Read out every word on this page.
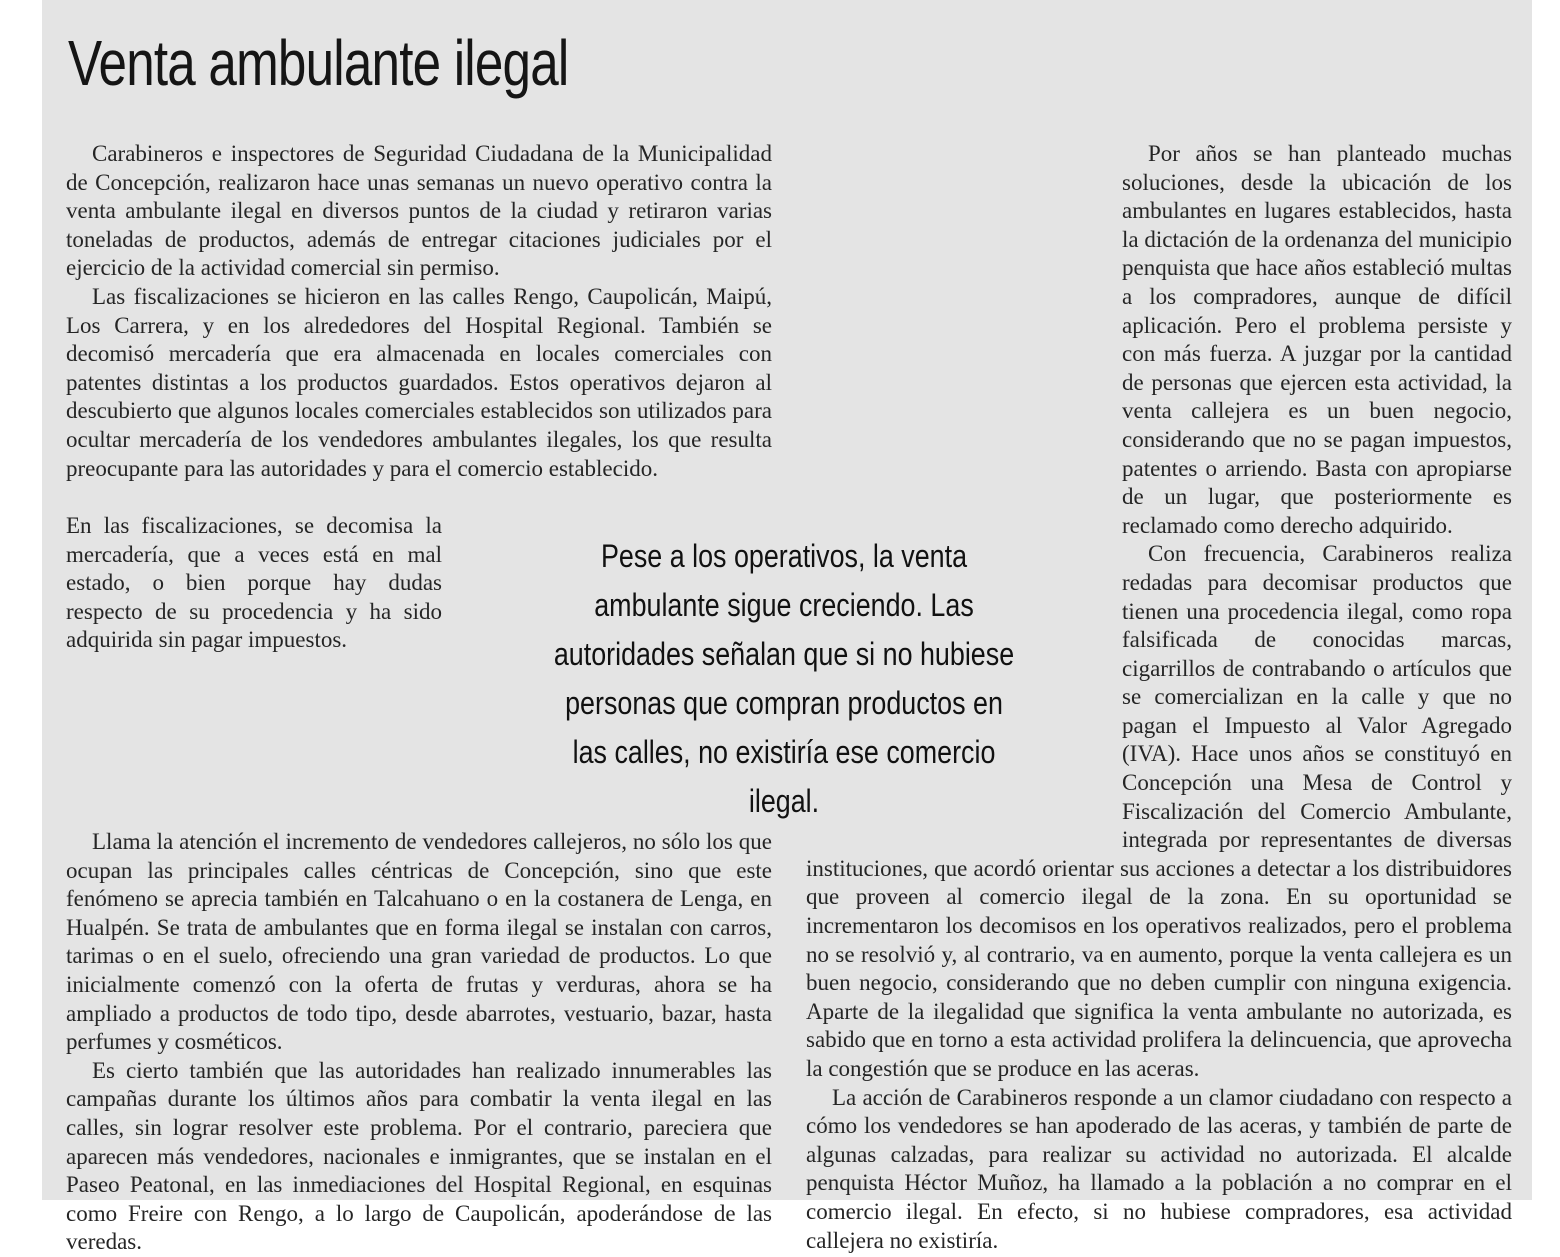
Venta ambulante ilegal

Carabineros e inspectores de Seguridad Ciudadana de la Municipalidad de Concepción, realizaron hace unas semanas un nuevo operativo contra la venta ambulante ilegal en diversos puntos de la ciudad y retiraron varias toneladas de productos, además de entregar citaciones judiciales por el ejercicio de la actividad comercial sin permiso.

Las fiscalizaciones se hicieron en las calles Rengo, Caupolicán, Maipú, Los Carrera, y en los alrededores del Hospital Regional. También se decomisó mercadería que era almacenada en locales comerciales con patentes distintas a los productos guardados. Estos operativos dejaron al descubierto que algunos locales comerciales establecidos son utilizados para ocultar mercadería de los vendedores ambulantes ilegales, los que resulta preocupante para las autoridades y para el comercio establecido.

En las fiscalizaciones, se decomisa la mercadería, que a veces está en mal estado, o bien porque hay dudas respecto de su procedencia y ha sido adquirida sin pagar impuestos.

Llama la atención el incremento de vendedores callejeros, no sólo los que ocupan las principales calles céntricas de Concepción, sino que este fenómeno se aprecia también en Talcahuano o en la costanera de Lenga, en Hualpén. Se trata de ambulantes que en forma ilegal se instalan con carros, tarimas o en el suelo, ofreciendo una gran variedad de productos. Lo que inicialmente comenzó con la oferta de frutas y verduras, ahora se ha ampliado a productos de todo tipo, desde abarrotes, vestuario, bazar, hasta perfumes y cosméticos.

Es cierto también que las autoridades han realizado innumerables las campañas durante los últimos años para combatir la venta ilegal en las calles, sin lograr resolver este problema. Por el contrario, pareciera que aparecen más vendedores, nacionales e inmigrantes, que se instalan en el Paseo Peatonal, en las inmediaciones del Hospital Regional, en esquinas como Freire con Rengo, a lo largo de Caupolicán, apoderándose de las veredas.

Por años se han planteado muchas soluciones, desde la ubicación de los ambulantes en lugares establecidos, hasta la dictación de la ordenanza del municipio penquista que hace años estableció multas a los compradores, aunque de difícil aplicación. Pero el problema persiste y con más fuerza. A juzgar por la cantidad de personas que ejercen esta actividad, la venta callejera es un buen negocio, considerando que no se pagan impuestos, patentes o arriendo. Basta con apropiarse de un lugar, que posteriormente es reclamado como derecho adquirido.

Con frecuencia, Carabineros realiza redadas para decomisar productos que tienen una procedencia ilegal, como ropa falsificada de conocidas marcas, cigarrillos de contrabando o artículos que se comercializan en la calle y que no pagan el Impuesto al Valor Agregado (IVA). Hace unos años se constituyó en Concepción una Mesa de Control y Fiscalización del Comercio Ambulante, integrada por representantes de diversas instituciones, que acordó orientar sus acciones a detectar a los distribuidores que proveen al comercio ilegal de la zona. En su oportunidad se incrementaron los decomisos en los operativos realizados, pero el problema no se resolvió y, al contrario, va en aumento, porque la venta callejera es un buen negocio, considerando que no deben cumplir con ninguna exigencia. Aparte de la ilegalidad que significa la venta ambulante no autorizada, es sabido que en torno a esta actividad prolifera la delincuencia, que aprovecha la congestión que se produce en las aceras.

La acción de Carabineros responde a un clamor ciudadano con respecto a cómo los vendedores se han apoderado de las aceras, y también de parte de algunas calzadas, para realizar su actividad no autorizada. El alcalde penquista Héctor Muñoz, ha llamado a la población a no comprar en el comercio ilegal. En efecto, si no hubiese compradores, esa actividad callejera no existiría.

Pese a los operativos, la venta ambulante sigue creciendo. Las autoridades señalan que si no hubiese personas que compran productos en las calles, no existiría ese comercio ilegal.
